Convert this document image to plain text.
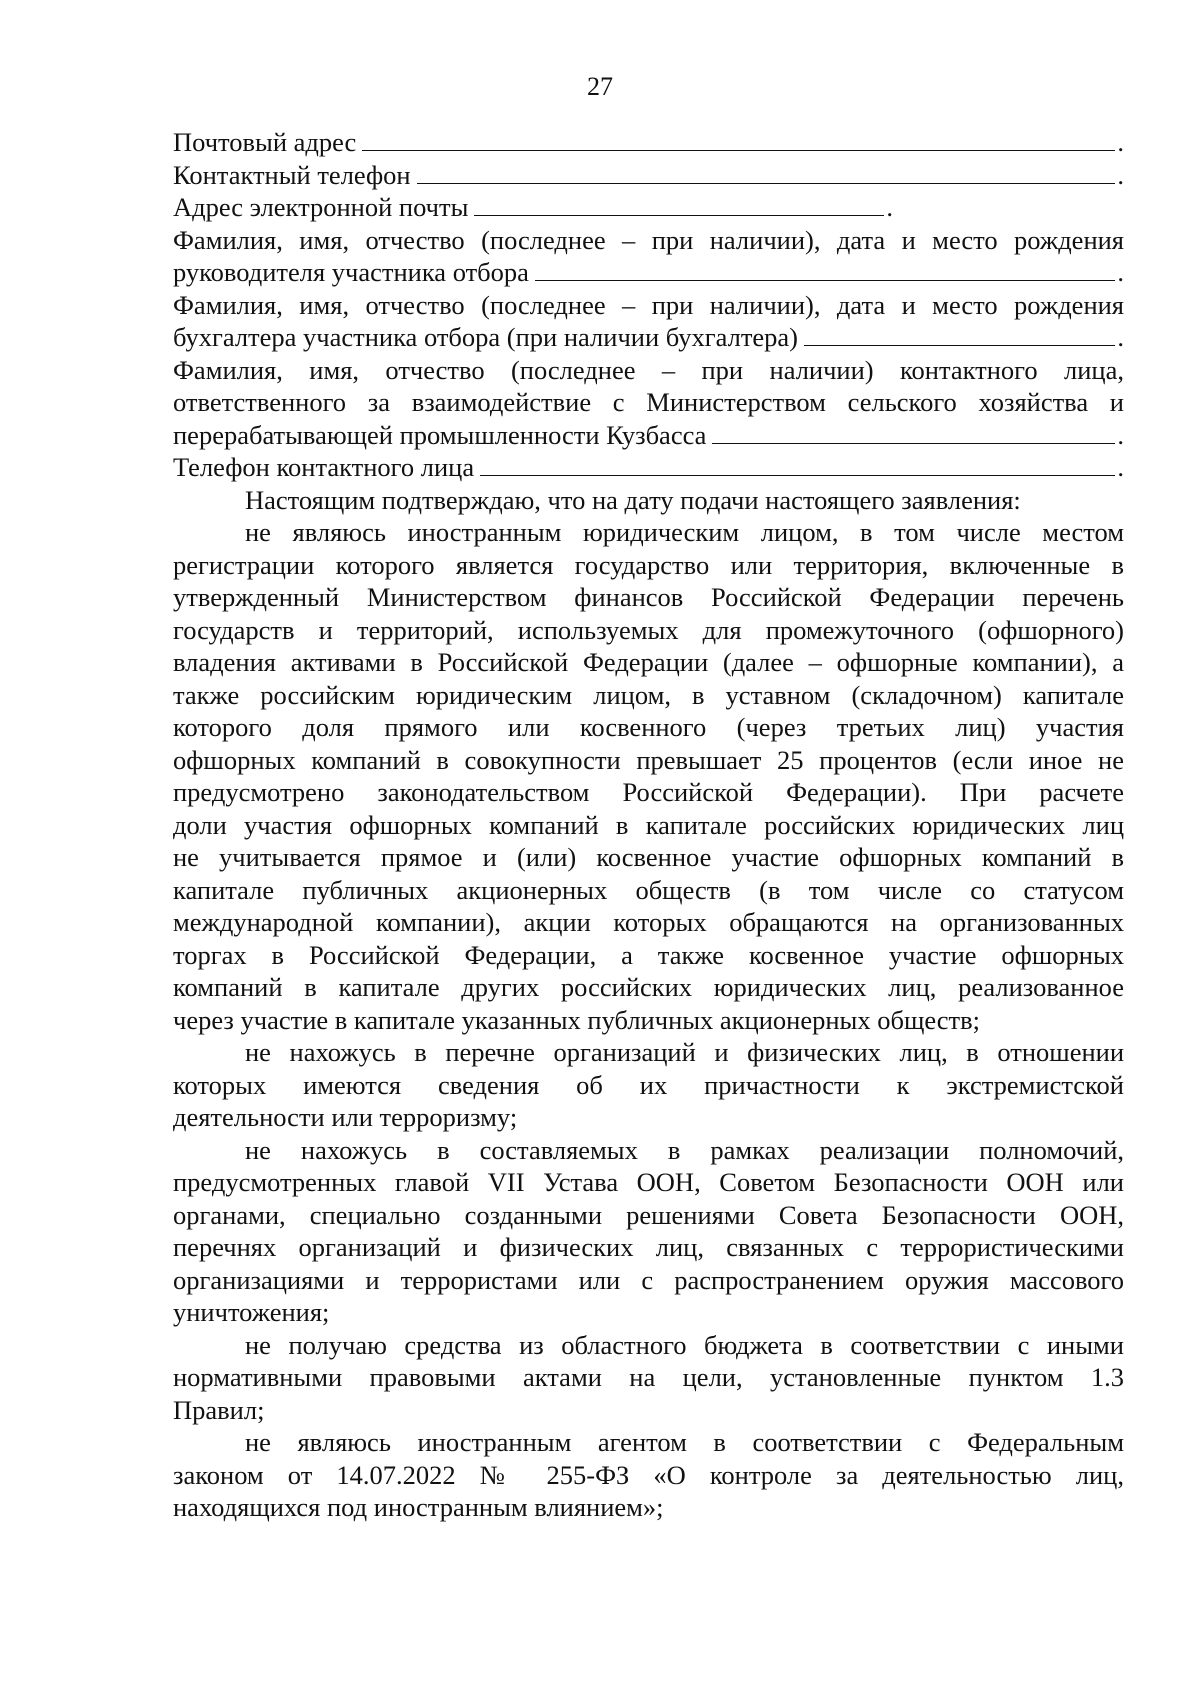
27
Почтовый адрес	.
Контактный телефон	.
Адрес электронной почты	.
Фамилия, имя, отчество (последнее – при наличии), дата и место рождения
руководителя участника отбора	.
Фамилия, имя, отчество (последнее – при наличии), дата и место рождения
бухгалтера участника отбора (при наличии бухгалтера)	.
Фамилия, имя, отчество (последнее – при наличии) контактного лица,
ответственного за взаимодействие с Министерством сельского хозяйства и
перерабатывающей промышленности Кузбасса	.
Телефон контактного лица	.
Настоящим подтверждаю, что на дату подачи настоящего заявления:
не являюсь иностранным юридическим лицом, в том числе местом
регистрации которого является государство или территория, включенные в
утвержденный Министерством финансов Российской Федерации перечень
государств и территорий, используемых для промежуточного (офшорного)
владения активами в Российской Федерации (далее – офшорные компании), а
также российским юридическим лицом, в уставном (складочном) капитале
которого доля прямого или косвенного (через третьих лиц) участия
офшорных компаний в совокупности превышает 25 процентов (если иное не
предусмотрено законодательством Российской Федерации). При расчете
доли участия офшорных компаний в капитале российских юридических лиц
не учитывается прямое и (или) косвенное участие офшорных компаний в
капитале публичных акционерных обществ (в том числе со статусом
международной компании), акции которых обращаются на организованных
торгах в Российской Федерации, а также косвенное участие офшорных
компаний в капитале других российских юридических лиц, реализованное
через участие в капитале указанных публичных акционерных обществ;
не нахожусь в перечне организаций и физических лиц, в отношении
которых имеются сведения об их причастности к экстремистской
деятельности или терроризму;
не нахожусь в составляемых в рамках реализации полномочий,
предусмотренных главой VII Устава ООН, Советом Безопасности ООН или
органами, специально созданными решениями Совета Безопасности ООН,
перечнях организаций и физических лиц, связанных с террористическими
организациями и террористами или с распространением оружия массового
уничтожения;
не получаю средства из областного бюджета в соответствии с иными
нормативными правовыми актами на цели, установленные пунктом 1.3
Правил;
не являюсь иностранным агентом в соответствии с Федеральным
законом от 14.07.2022 № 255-ФЗ «О контроле за деятельностью лиц,
находящихся под иностранным влиянием»;
